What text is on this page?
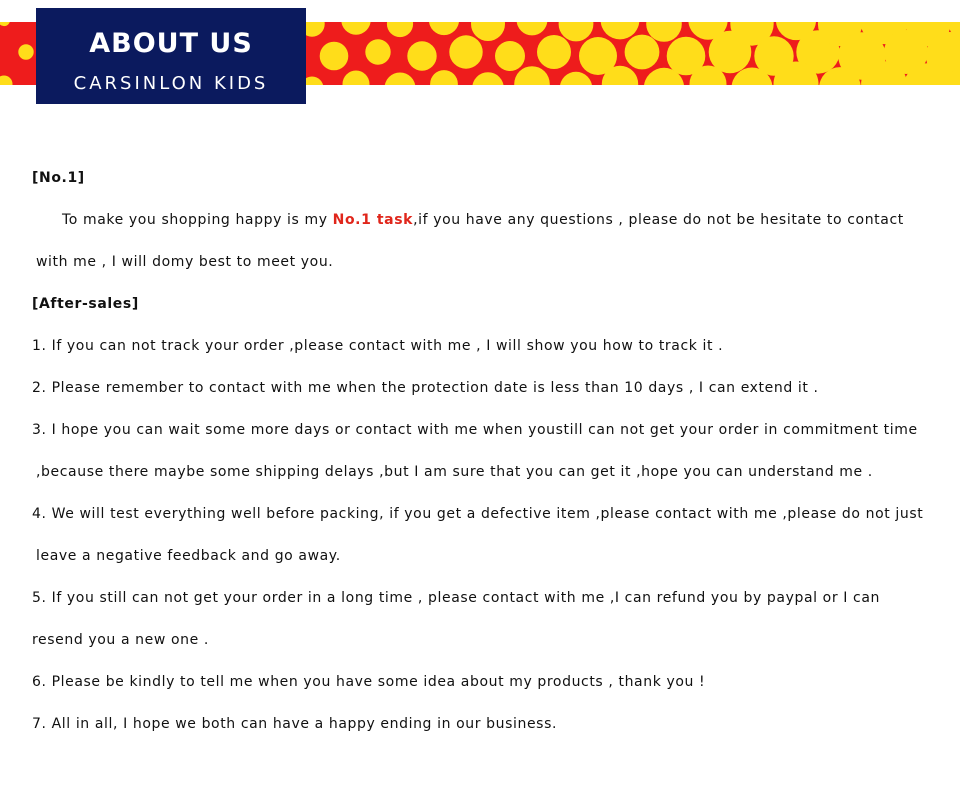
ABOUT US
CARSINLON KIDS
[No.1]
To make you shopping happy is my No.1 task,if you have any questions , please do not be hesitate to contact
with me , I will domy best to meet you.
[After-sales]
1. If you can not track your order ,please contact with me , I will show you how to track it .
2. Please remember to contact with me when the protection date is less than 10 days , I can extend it .
3. I hope you can wait some more days or contact with me when youstill can not get your order in commitment time
,because there maybe some shipping delays ,but I am sure that you can get it ,hope you can understand me .
4. We will test everything well before packing, if you get a defective item ,please contact with me ,please do not just
leave a negative feedback and go away.
5. If you still can not get your order in a long time , please contact with me ,I can refund you by paypal or I can
resend you a new one .
6. Please be kindly to tell me when you have some idea about my products , thank you !
7. All in all, I hope we both can have a happy ending in our business.
